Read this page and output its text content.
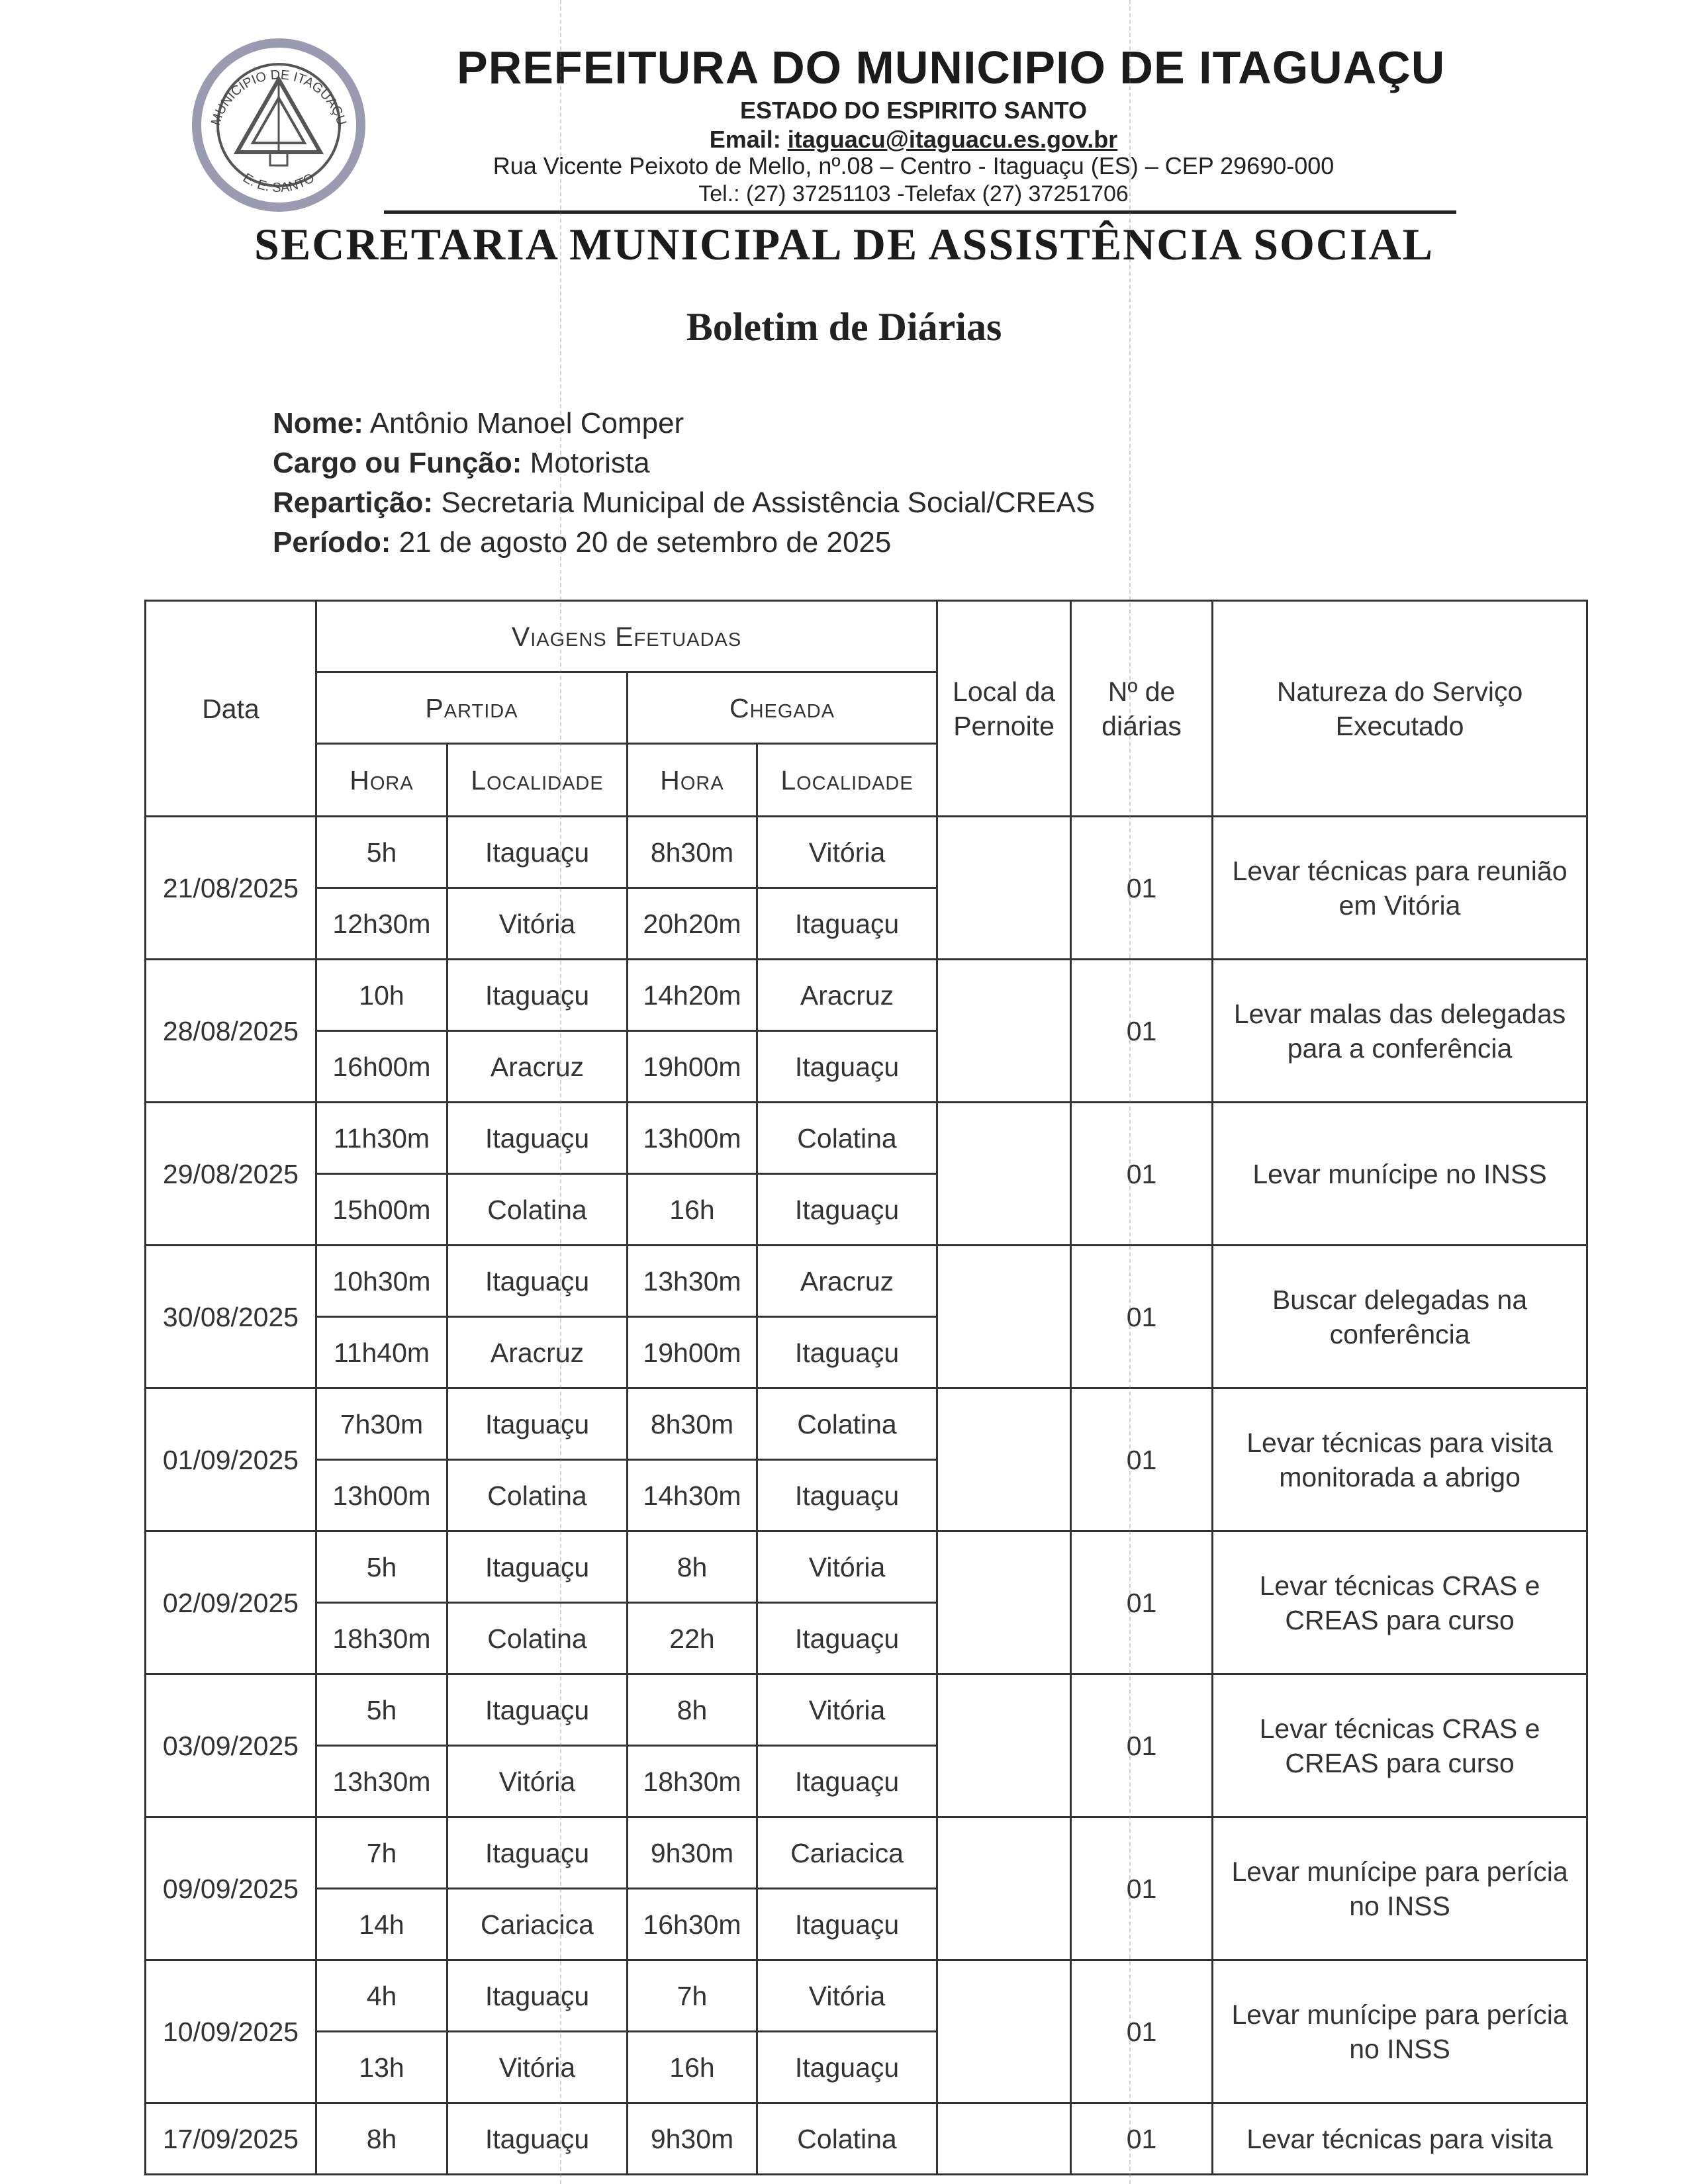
MUNICÍPIO DE ITAGUAÇU
E. E. SANTO
PREFEITURA DO MUNICIPIO DE ITAGUAÇU
ESTADO DO ESPIRITO SANTO
Email: itaguacu@itaguacu.es.gov.br
Rua Vicente Peixoto de Mello, nº.08 – Centro - Itaguaçu (ES) – CEP 29690-000
Tel.: (27) 37251103 -Telefax (27) 37251706
SECRETARIA MUNICIPAL DE ASSISTÊNCIA SOCIAL
Boletim de Diárias
Nome: Antônio Manoel Comper
Cargo ou Função: Motorista
Repartição: Secretaria Municipal de Assistência Social/CREAS
Período: 21 de agosto 20 de setembro de 2025
Data	Viagens Efetuadas				Local da Pernoite	Nº de diárias	Natureza do Serviço Executado
	Partida		Chegada				
	Hora	Localidade	Hora	Localidade			
21/08/2025	5h	Itaguaçu	8h30m	Vitória		01	Levar técnicas para reunião em Vitória
	12h30m	Vitória	20h20m	Itaguaçu			
28/08/2025	10h	Itaguaçu	14h20m	Aracruz		01	Levar malas das delegadas para a conferência
	16h00m	Aracruz	19h00m	Itaguaçu			
29/08/2025	11h30m	Itaguaçu	13h00m	Colatina		01	Levar munícipe no INSS
	15h00m	Colatina	16h	Itaguaçu			
30/08/2025	10h30m	Itaguaçu	13h30m	Aracruz		01	Buscar delegadas na conferência
	11h40m	Aracruz	19h00m	Itaguaçu			
01/09/2025	7h30m	Itaguaçu	8h30m	Colatina		01	Levar técnicas para visita monitorada a abrigo
	13h00m	Colatina	14h30m	Itaguaçu			
02/09/2025	5h	Itaguaçu	8h	Vitória		01	Levar técnicas CRAS e CREAS para curso
	18h30m	Colatina	22h	Itaguaçu			
03/09/2025	5h	Itaguaçu	8h	Vitória		01	Levar técnicas CRAS e CREAS para curso
	13h30m	Vitória	18h30m	Itaguaçu			
09/09/2025	7h	Itaguaçu	9h30m	Cariacica		01	Levar munícipe para perícia no INSS
	14h	Cariacica	16h30m	Itaguaçu			
10/09/2025	4h	Itaguaçu	7h	Vitória		01	Levar munícipe para perícia no INSS
	13h	Vitória	16h	Itaguaçu			
17/09/2025	8h	Itaguaçu	9h30m	Colatina		01	Levar técnicas para visita
